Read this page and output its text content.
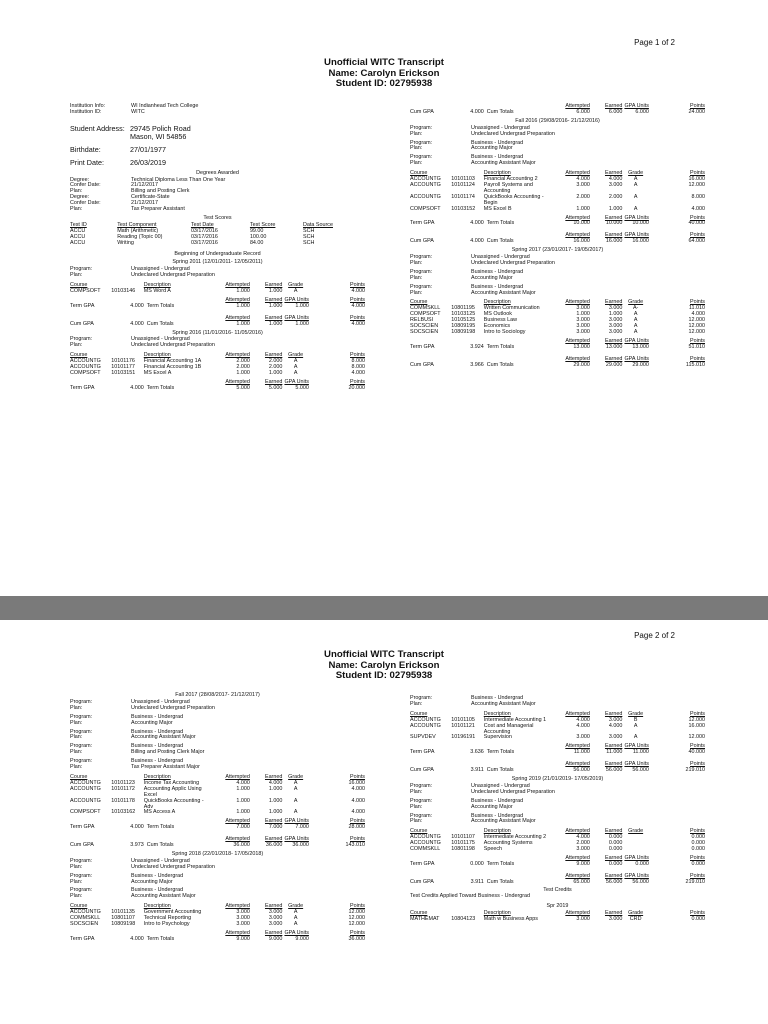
Page 1 of 2
Unofficial WITC Transcript
Name: Carolyn Erickson
Student ID: 02795938
Institution Info:	WI Indianhead Tech College
Institution ID:	WITC
Student Address: 29745 Polich Road
Mason, WI 54856
Birthdate:	27/01/1977
Print Date:	26/03/2019
Degrees Awarded
Degree:	Technical Diploma Less Than One Year
Confer Date:	21/12/2017
Plan:	Billing and Posting Clerk
Degree:	Certificate-State
Confer Date:	21/12/2017
Plan:	Tax Preparer Assistant
Test Scores
Test ID	Test Component	Test Date	Test Score	Data Source
ACCU	Math (Arithmetic)	03/17/2016	99.00	SCH
ACCU	Reading (Topic 00)	03/17/2016	100.00	SCH
ACCU	Writing	03/17/2016	84.00	SCH
Beginning of Undergraduate Record
Spring 2011 (12/01/2011- 12/05/2011)
Program:	Unassigned - Undergrad
Plan:	Undeclared Undergrad Preparation
Course		Description	Attempted	Earned	Grade	Points
COMPSOFT	10103146	MS Word A	1.000	1.000	A	4.000

			Attempted	Earned	GPA Units	Points
Term GPA	4.000	Term Totals	1.000	1.000	1.000	4.000

			Attempted	Earned	GPA Units	Points
Cum GPA	4.000	Cum Totals	1.000	1.000	1.000	4.000
Spring 2016 (11/01/2016- 11/05/2016)
Program:	Unassigned - Undergrad
Plan:	Undeclared Undergrad Preparation
Course		Description	Attempted	Earned	Grade	Points
ACCOUNTG	10101176	Financial Accounting 1A	2.000	2.000	A	8.000
ACCOUNTG	10101177	Financial Accounting 1B	2.000	2.000	A	8.000
COMPSOFT	10103151	MS Excel A	1.000	1.000	A	4.000

			Attempted	Earned	GPA Units	Points
Term GPA	4.000	Term Totals	5.000	5.000	5.000	20.000
			Attempted	Earned	GPA Units	Points
Cum GPA	4.000	Cum Totals	6.000	6.000	6.000	24.000
Fall 2016 (29/08/2016- 21/12/2016)
Program:	Unassigned - Undergrad
Plan:	Undeclared Undergrad Preparation
Program:	Business - Undergrad
Plan:	Accounting Major
Program:	Business - Undergrad
Plan:	Accounting Assistant Major
Course		Description	Attempted	Earned	Grade	Points
ACCOUNTG	10101103	Financial Accounting 2	4.000	4.000	A	16.000
ACCOUNTG	10101124	Payroll Systems and Accounting	3.000	3.000	A	12.000
ACCOUNTG	10101174	QuickBooks Accounting - Begin	2.000	2.000	A	8.000
COMPSOFT	10103152	MS Excel B	1.000	1.000	A	4.000

			Attempted	Earned	GPA Units	Points
Term GPA	4.000	Term Totals	10.000	10.000	10.000	40.000

			Attempted	Earned	GPA Units	Points
Cum GPA	4.000	Cum Totals	16.000	16.000	16.000	64.000
Spring 2017 (23/01/2017- 19/05/2017)
Program:	Unassigned - Undergrad
Plan:	Undeclared Undergrad Preparation
Program:	Business - Undergrad
Plan:	Accounting Major
Program:	Business - Undergrad
Plan:	Accounting Assistant Major
Course		Description	Attempted	Earned	Grade	Points
COMMSKLL	10801195	Written Communication	3.000	3.000	A-	11.010
COMPSOFT	10103125	MS Outlook	1.000	1.000	A	4.000
RELBUSI	10105125	Business Law	3.000	3.000	A	12.000
SOCSCIEN	10809195	Economics	3.000	3.000	A	12.000
SOCSCIEN	10809198	Intro to Sociology	3.000	3.000	A	12.000

			Attempted	Earned	GPA Units	Points
Term GPA	3.924	Term Totals	13.000	13.000	13.000	51.010

			Attempted	Earned	GPA Units	Points
Cum GPA	3.966	Cum Totals	29.000	29.000	29.000	115.010
Page 2 of 2
Unofficial WITC Transcript
Name: Carolyn Erickson
Student ID: 02795938
Fall 2017 (28/08/2017- 21/12/2017)
Program:	Unassigned - Undergrad
Plan:	Undeclared Undergrad Preparation
Program:	Business - Undergrad
Plan:	Accounting Major
Program:	Business - Undergrad
Plan:	Accounting Assistant Major
Program:	Business - Undergrad
Plan:	Billing and Posting Clerk Major
Program:	Business - Undergrad
Plan:	Tax Preparer Assistant Major
Course		Description	Attempted	Earned	Grade	Points
ACCOUNTG	10101123	Income Tax Accounting	4.000	4.000	A	16.000
ACCOUNTG	10101172	Accounting Applic Using Excel	1.000	1.000	A	4.000
ACCOUNTG	10101178	QuickBooks Accounting - Adv	1.000	1.000	A	4.000
COMPSOFT	10103162	MS Access A	1.000	1.000	A	4.000

			Attempted	Earned	GPA Units	Points
Term GPA	4.000	Term Totals	7.000	7.000	7.000	28.000

			Attempted	Earned	GPA Units	Points
Cum GPA	3.973	Cum Totals	36.000	36.000	36.000	143.010
Spring 2018 (22/01/2018- 17/05/2018)
Program:	Unassigned - Undergrad
Plan:	Undeclared Undergrad Preparation
Program:	Business - Undergrad
Plan:	Accounting Major
Program:	Business - Undergrad
Plan:	Accounting Assistant Major
Course		Description	Attempted	Earned	Grade	Points
ACCOUNTG	10101135	Government Accounting	3.000	3.000	A	12.000
COMMSKLL	10801107	Technical Reporting	3.000	3.000	A	12.000
SOCSCIEN	10809198	Intro to Psychology	3.000	3.000	A	12.000

			Attempted	Earned	GPA Units	Points
Term GPA	4.000	Term Totals	9.000	9.000	9.000	36.000
Program:	Business - Undergrad
Plan:	Accounting Assistant Major
Course		Description	Attempted	Earned	Grade	Points
ACCOUNTG	10101105	Intermediate Accounting 1	4.000	3.000	B	12.000
ACCOUNTG	10101121	Cost and Managerial Accounting	4.000	4.000	A	16.000
SUPVDEV	10196191	Supervision	3.000	3.000	A	12.000

			Attempted	Earned	GPA Units	Points
Term GPA	3.636	Term Totals	11.000	11.000	11.000	40.000

			Attempted	Earned	GPA Units	Points
Cum GPA	3.911	Cum Totals	56.000	56.000	56.000	219.010
Spring 2019 (21/01/2019- 17/05/2019)
Program:	Unassigned - Undergrad
Plan:	Undeclared Undergrad Preparation
Program:	Business - Undergrad
Plan:	Accounting Major
Program:	Business - Undergrad
Plan:	Accounting Assistant Major
Course		Description	Attempted	Earned	Grade	Points
ACCOUNTG	10101107	Intermediate Accounting 2	4.000	0.000		0.000
ACCOUNTG	10101175	Accounting Systems	2.000	0.000		0.000
COMMSKLL	10801198	Speech	3.000	0.000		0.000

			Attempted	Earned	GPA Units	Points
Term GPA	0.000	Term Totals	9.000	0.000	0.000	0.000

			Attempted	Earned	GPA Units	Points
Cum GPA	3.911	Cum Totals	65.000	56.000	56.000	219.010
Test Credits
Test Credits Applied Toward Business - Undergrad
Spr 2019
Course		Description	Attempted	Earned	Grade	Points
MATHEMAT	10804123	Math w Business Apps	3.000	3.000	CRD	0.000
